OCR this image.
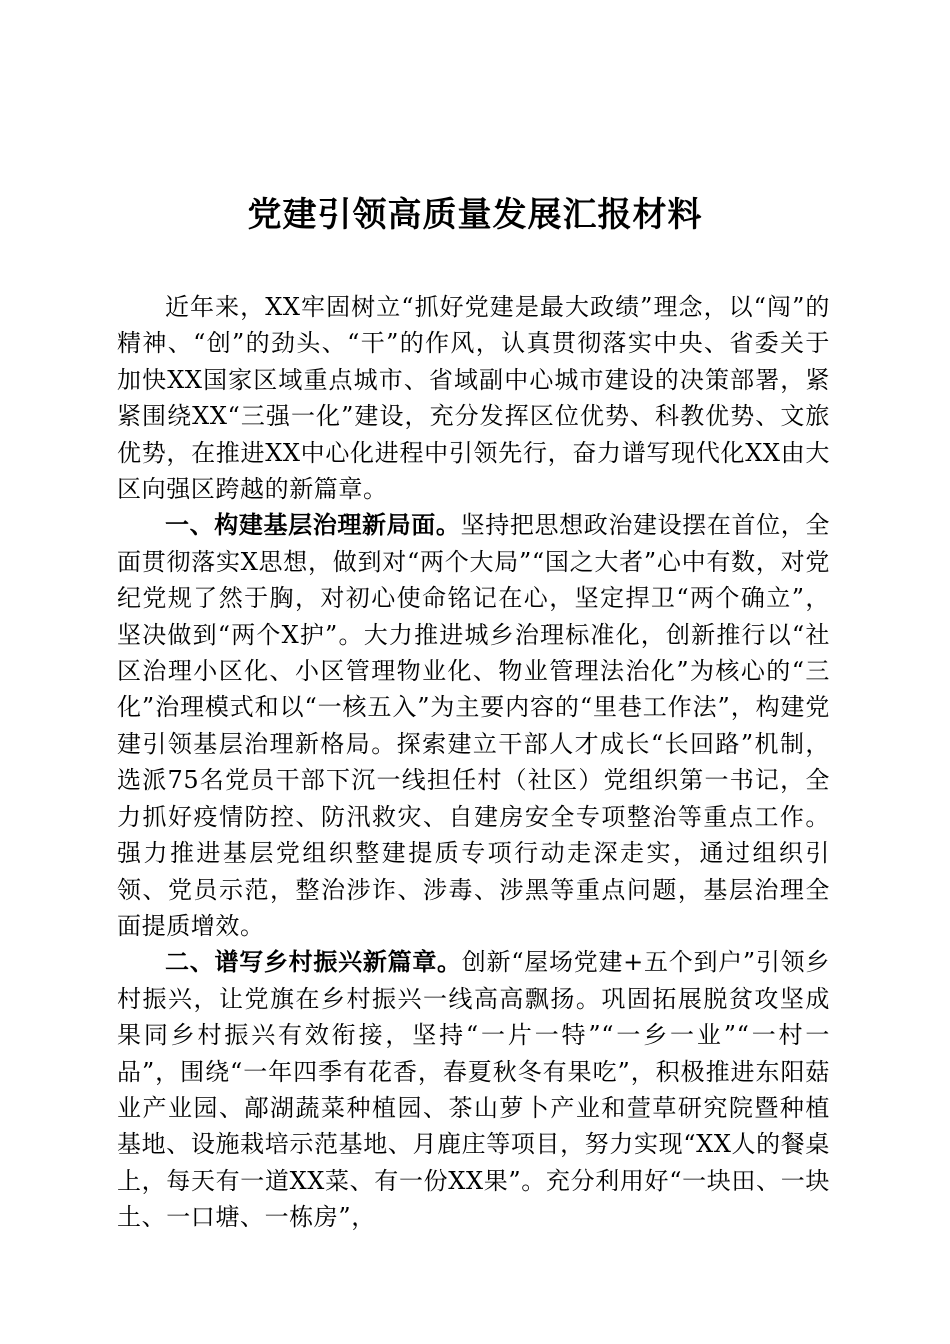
党建引领高质量发展汇报材料

近年来，XX牢固树立“抓好党建是最大政绩”理念，以“闯”的精神、“创”的劲头、“干”的作风，认真贯彻落实中央、省委关于加快XX国家区域重点城市、省域副中心城市建设的决策部署，紧紧围绕XX“三强一化”建设，充分发挥区位优势、科教优势、文旅优势，在推进XX中心化进程中引领先行，奋力谱写现代化XX由大区向强区跨越的新篇章。

一、构建基层治理新局面。坚持把思想政治建设摆在首位，全面贯彻落实X思想，做到对“两个大局”“国之大者”心中有数，对党纪党规了然于胸，对初心使命铭记在心，坚定捍卫“两个确立”，坚决做到“两个X护”。大力推进城乡治理标准化，创新推行以“社区治理小区化、小区管理物业化、物业管理法治化”为核心的“三化”治理模式和以“一核五入”为主要内容的“里巷工作法”，构建党建引领基层治理新格局。探索建立干部人才成长“长回路”机制，选派75名党员干部下沉一线担任村（社区）党组织第一书记，全力抓好疫情防控、防汛救灾、自建房安全专项整治等重点工作。强力推进基层党组织整建提质专项行动走深走实，通过组织引领、党员示范，整治涉诈、涉毒、涉黑等重点问题，基层治理全面提质增效。

二、谱写乡村振兴新篇章。创新“屋场党建+五个到户”引领乡村振兴，让党旗在乡村振兴一线高高飘扬。巩固拓展脱贫攻坚成果同乡村振兴有效衔接，坚持“一片一特”“一乡一业”“一村一品”，围绕“一年四季有花香，春夏秋冬有果吃”，积极推进东阳菇业产业园、鄗湖蔬菜种植园、茶山萝卜产业和萱草研究院暨种植基地、设施栽培示范基地、月鹿庄等项目，努力实现“XX人的餐桌上，每天有一道XX菜、有一份XX果”。充分利用好“一块田、一块土、一口塘、一栋房”，
